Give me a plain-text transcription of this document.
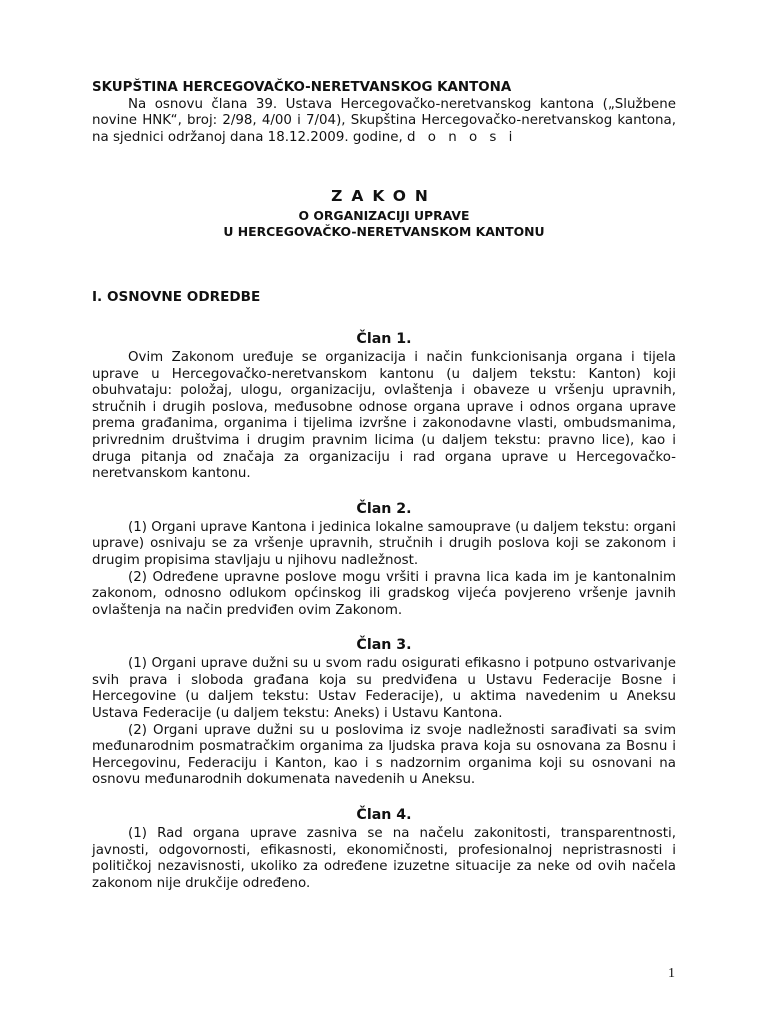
SKUPŠTINA HERCEGOVAČKO-NERETVANSKOG KANTONA

Na osnovu člana 39. Ustava Hercegovačko-neretvanskog kantona („Službene novine HNK“, broj: 2/98, 4/00 i 7/04), Skupština Hercegovačko-neretvanskog kantona, na sjednici održanoj dana 18.12.2009. godine, d o n o s i

ZAKON

O ORGANIZACIJI UPRAVE

U HERCEGOVAČKO-NERETVANSKOM KANTONU

I. OSNOVNE ODREDBE

Član 1.

Ovim Zakonom uređuje se organizacija i način funkcionisanja organa i tijela uprave u Hercegovačko-neretvanskom kantonu (u daljem tekstu: Kanton) koji obuhvataju: položaj, ulogu, organizaciju, ovlaštenja i obaveze u vršenju upravnih, stručnih i drugih poslova, međusobne odnose organa uprave i odnos organa uprave prema građanima, organima i tijelima izvršne i zakonodavne vlasti, ombudsmanima, privrednim društvima i drugim pravnim licima (u daljem tekstu: pravno lice), kao i druga pitanja od značaja za organizaciju i rad organa uprave u Hercegovačko-neretvanskom kantonu.

Član 2.

(1) Organi uprave Kantona i jedinica lokalne samouprave (u daljem tekstu: organi uprave) osnivaju se za vršenje upravnih, stručnih i drugih poslova koji se zakonom i drugim propisima stavljaju u njihovu nadležnost.

(2) Određene upravne poslove mogu vršiti i pravna lica kada im je kantonalnim zakonom, odnosno odlukom općinskog ili gradskog vijeća povjereno vršenje javnih ovlaštenja na način predviđen ovim Zakonom.

Član 3.

(1) Organi uprave dužni su u svom radu osigurati efikasno i potpuno ostvarivanje svih prava i sloboda građana koja su predviđena u Ustavu Federacije Bosne i Hercegovine (u daljem tekstu: Ustav Federacije), u aktima navedenim u Aneksu Ustava Federacije (u daljem tekstu: Aneks) i Ustavu Kantona.

(2) Organi uprave dužni su u poslovima iz svoje nadležnosti sarađivati sa svim međunarodnim posmatračkim organima za ljudska prava koja su osnovana za Bosnu i Hercegovinu, Federaciju i Kanton, kao i s nadzornim organima koji su osnovani na osnovu međunarodnih dokumenata navedenih u Aneksu.

Član 4.

(1) Rad organa uprave zasniva se na načelu zakonitosti, transparentnosti, javnosti, odgovornosti, efikasnosti, ekonomičnosti, profesionalnoj nepristrasnosti i političkoj nezavisnosti, ukoliko za određene izuzetne situacije za neke od ovih načela zakonom nije drukčije određeno.

1
